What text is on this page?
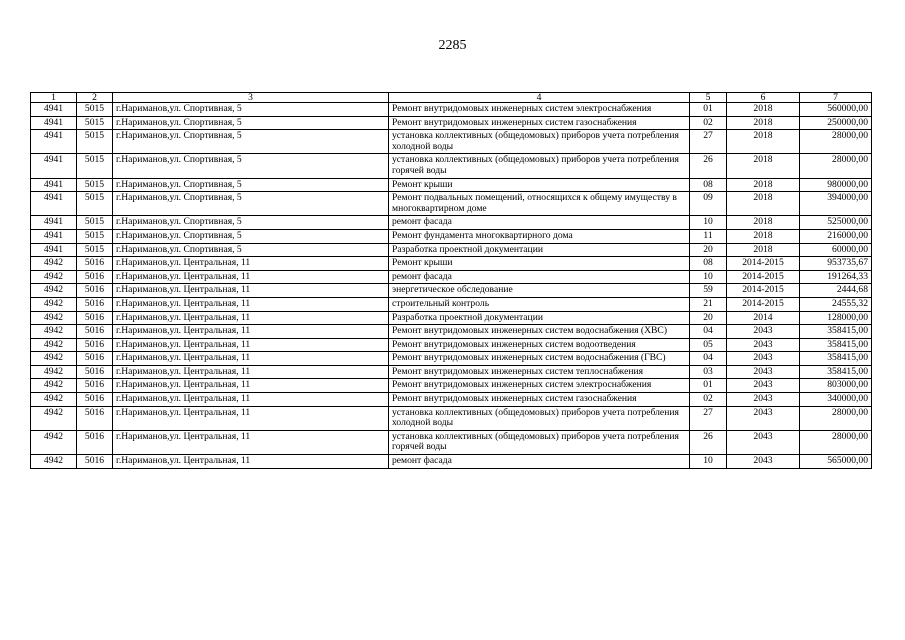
2285
1	2	3	4	5	6	7
4941	5015	г.Нариманов,ул. Спортивная, 5	Ремонт внутридомовых инженерных систем электроснабжения	01	2018	560000,00
4941	5015	г.Нариманов,ул. Спортивная, 5	Ремонт внутридомовых инженерных систем газоснабжения	02	2018	250000,00
4941	5015	г.Нариманов,ул. Спортивная, 5	установка коллективных (общедомовых) приборов учета потребления холодной воды	27	2018	28000,00
4941	5015	г.Нариманов,ул. Спортивная, 5	установка коллективных (общедомовых) приборов учета потребления горячей воды	26	2018	28000,00
4941	5015	г.Нариманов,ул. Спортивная, 5	Ремонт крыши	08	2018	980000,00
4941	5015	г.Нариманов,ул. Спортивная, 5	Ремонт подвальных помещений, относящихся к общему имуществу в многоквартирном доме	09	2018	394000,00
4941	5015	г.Нариманов,ул. Спортивная, 5	ремонт фасада	10	2018	525000,00
4941	5015	г.Нариманов,ул. Спортивная, 5	Ремонт фундамента многоквартирного дома	11	2018	216000,00
4941	5015	г.Нариманов,ул. Спортивная, 5	Разработка проектной документации	20	2018	60000,00
4942	5016	г.Нариманов,ул. Центральная, 11	Ремонт крыши	08	2014-2015	953735,67
4942	5016	г.Нариманов,ул. Центральная, 11	ремонт фасада	10	2014-2015	191264,33
4942	5016	г.Нариманов,ул. Центральная, 11	энергетическое обследование	59	2014-2015	2444,68
4942	5016	г.Нариманов,ул. Центральная, 11	строительный контроль	21	2014-2015	24555,32
4942	5016	г.Нариманов,ул. Центральная, 11	Разработка проектной документации	20	2014	128000,00
4942	5016	г.Нариманов,ул. Центральная, 11	Ремонт внутридомовых инженерных систем водоснабжения (ХВС)	04	2043	358415,00
4942	5016	г.Нариманов,ул. Центральная, 11	Ремонт внутридомовых инженерных систем водоотведения	05	2043	358415,00
4942	5016	г.Нариманов,ул. Центральная, 11	Ремонт внутридомовых инженерных систем водоснабжения (ГВС)	04	2043	358415,00
4942	5016	г.Нариманов,ул. Центральная, 11	Ремонт внутридомовых инженерных систем теплоснабжения	03	2043	358415,00
4942	5016	г.Нариманов,ул. Центральная, 11	Ремонт внутридомовых инженерных систем электроснабжения	01	2043	803000,00
4942	5016	г.Нариманов,ул. Центральная, 11	Ремонт внутридомовых инженерных систем газоснабжения	02	2043	340000,00
4942	5016	г.Нариманов,ул. Центральная, 11	установка коллективных (общедомовых) приборов учета потребления холодной воды	27	2043	28000,00
4942	5016	г.Нариманов,ул. Центральная, 11	установка коллективных (общедомовых) приборов учета потребления горячей воды	26	2043	28000,00
4942	5016	г.Нариманов,ул. Центральная, 11	ремонт фасада	10	2043	565000,00
